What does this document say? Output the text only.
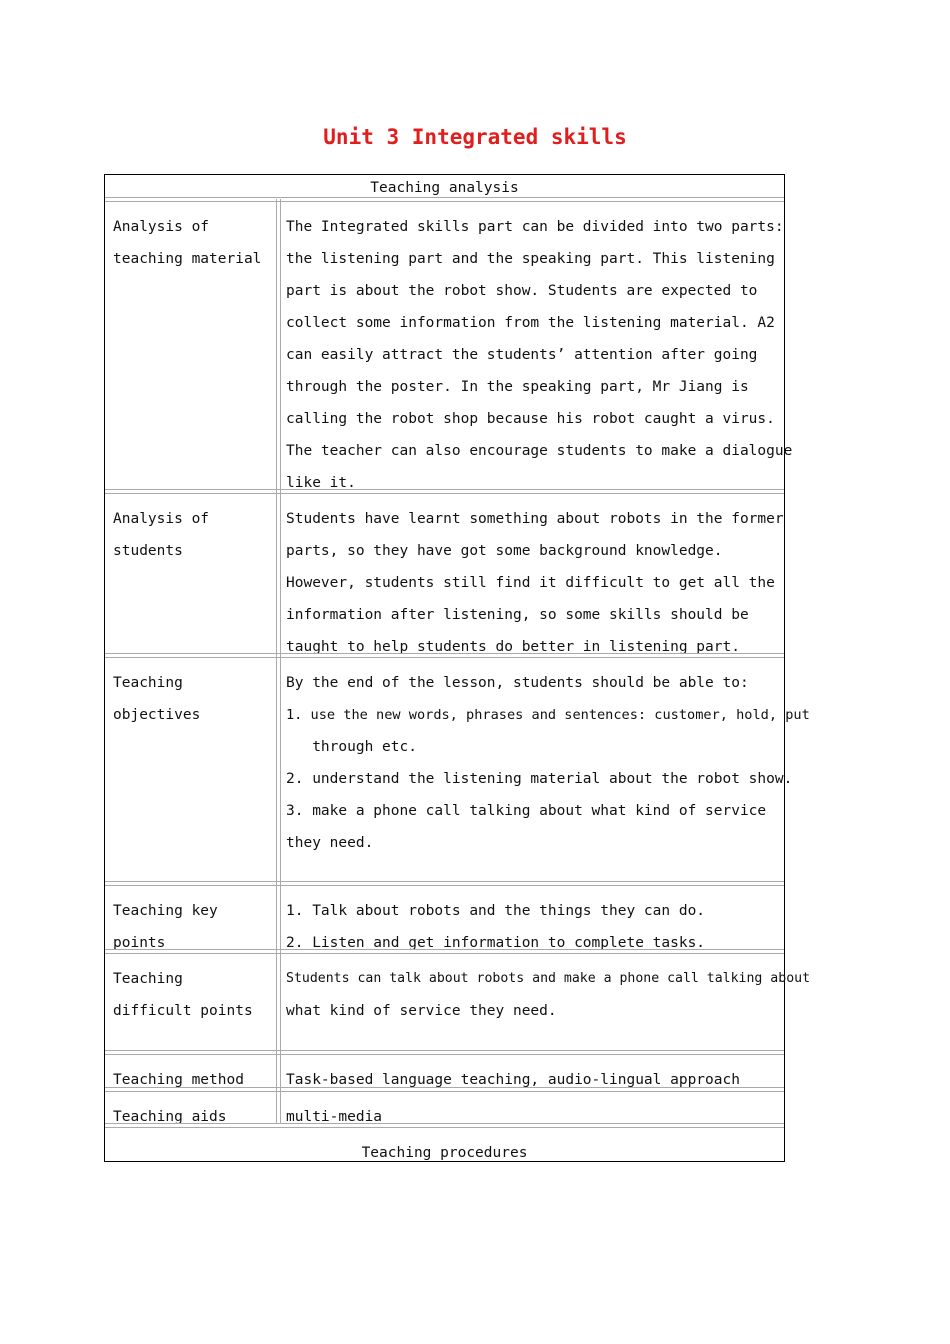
Unit 3 Integrated skills
Teaching analysis
Analysis of
teaching material
The Integrated skills part can be divided into two parts:
the listening part and the speaking part. This listening
part is about the robot show. Students are expected to
collect some information from the listening material. A2
can easily attract the students’ attention after going
through the poster. In the speaking part, Mr Jiang is
calling the robot shop because his robot caught a virus.
The teacher can also encourage students to make a dialogue
like it.
Analysis of
students
Students have learnt something about robots in the former
parts, so they have got some background knowledge.
However, students still find it difficult to get all the
information after listening, so some skills should be
taught to help students do better in listening part.
Teaching
objectives
By the end of the lesson, students should be able to:
1. use the new words, phrases and sentences: customer, hold, put
through etc.
2. understand the listening material about the robot show.
3. make a phone call talking about what kind of service
they need.
Teaching key
points
1. Talk about robots and the things they can do.
2. Listen and get information to complete tasks.
Teaching
difficult points
Students can talk about robots and make a phone call talking about
what kind of service they need.
Teaching method	Task-based language teaching, audio-lingual approach
Teaching aids	multi-media
Teaching procedures
